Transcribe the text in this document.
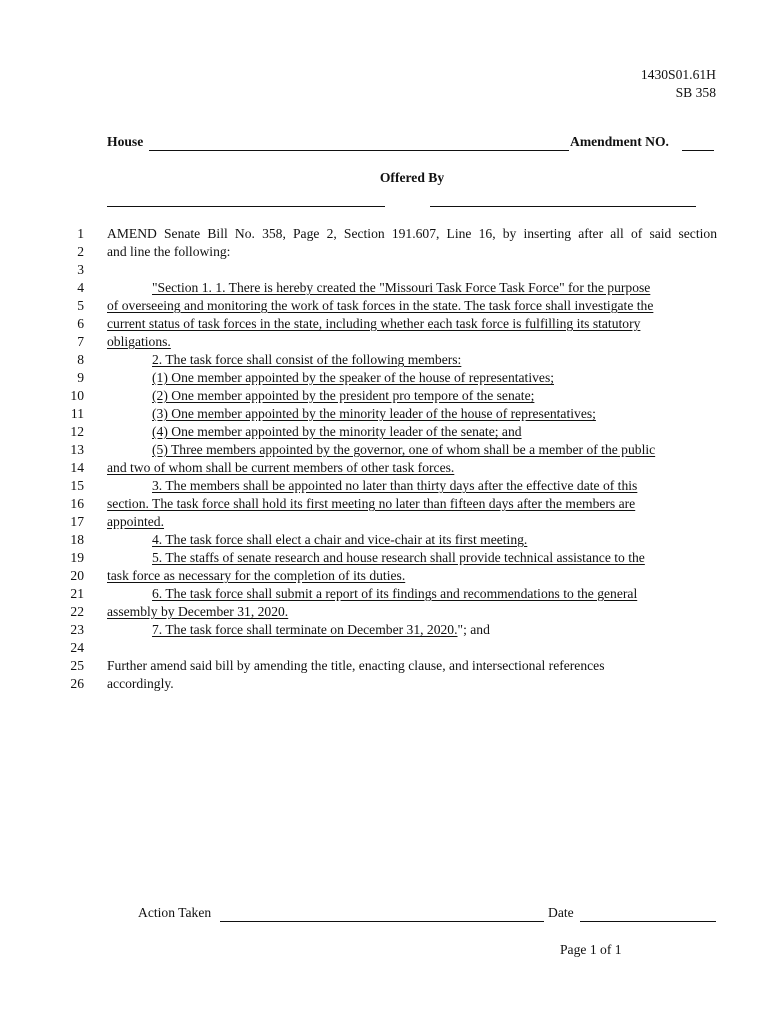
1430S01.61H
SB 358
House	Amendment NO.
Offered By
1
2
3
4
5
6
7
8
9
10
11
12
13
14
15
16
17
18
19
20
21
22
23
24
25
26
AMEND Senate Bill No. 358, Page 2, Section 191.607, Line 16, by inserting after all of said section
and line the following:
"Section 1. 1. There is hereby created the "Missouri Task Force Task Force" for the purpose
of overseeing and monitoring the work of task forces in the state. The task force shall investigate the
current status of task forces in the state, including whether each task force is fulfilling its statutory
obligations.
2. The task force shall consist of the following members:
(1) One member appointed by the speaker of the house of representatives;
(2) One member appointed by the president pro tempore of the senate;
(3) One member appointed by the minority leader of the house of representatives;
(4) One member appointed by the minority leader of the senate; and
(5) Three members appointed by the governor, one of whom shall be a member of the public
and two of whom shall be current members of other task forces.
3. The members shall be appointed no later than thirty days after the effective date of this
section. The task force shall hold its first meeting no later than fifteen days after the members are
appointed.
4. The task force shall elect a chair and vice-chair at its first meeting.
5. The staffs of senate research and house research shall provide technical assistance to the
task force as necessary for the completion of its duties.
6. The task force shall submit a report of its findings and recommendations to the general
assembly by December 31, 2020.
7. The task force shall terminate on December 31, 2020."; and
Further amend said bill by amending the title, enacting clause, and intersectional references
accordingly.
Action Taken	Date
Page 1 of 1
